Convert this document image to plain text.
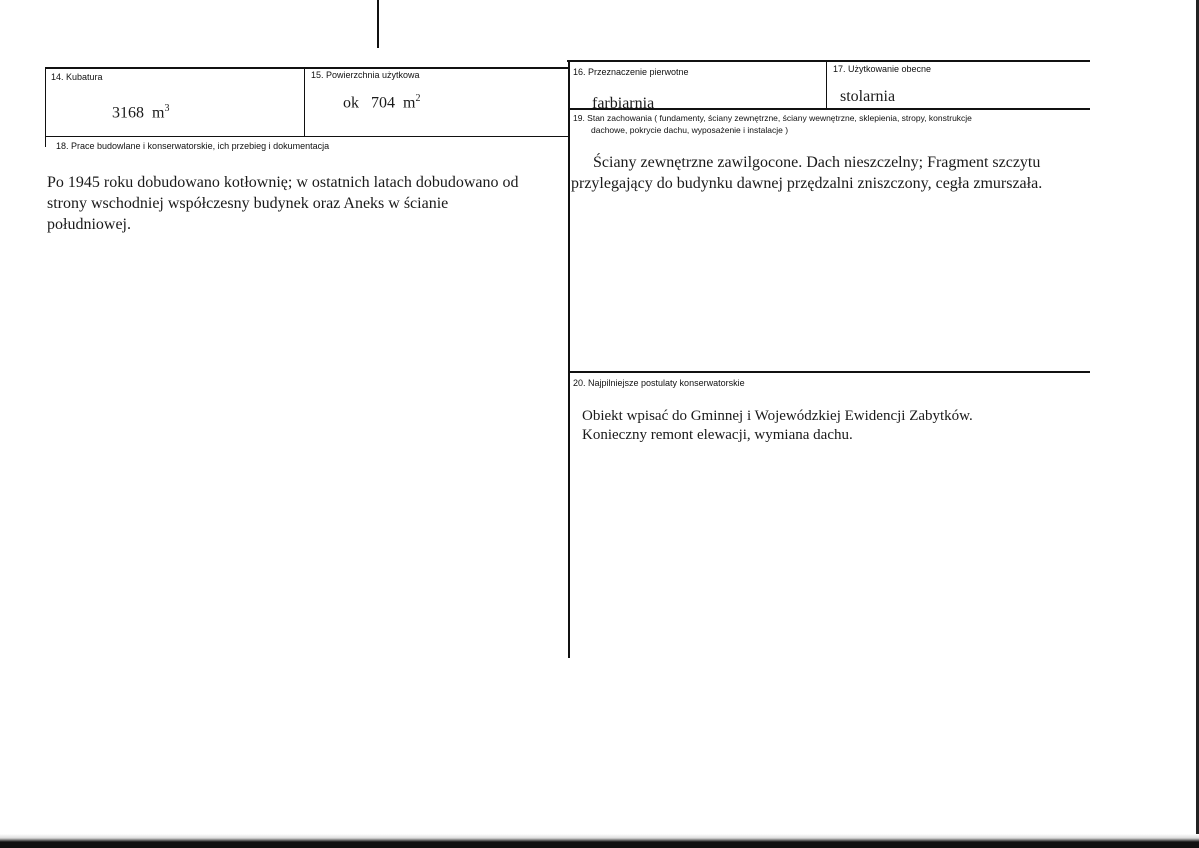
14. Kubatura
3168 $m^3$
15. Powierzchnia użytkowa
ok 704 $m^2$
16. Przeznaczenie pierwotne
farbiarnia
17. Użytkowanie obecne
stolarnia
18. Prace budowlane i konserwatorskie, ich przebieg i dokumentacja
Po 1945 roku dobudowano kotłownię; w ostatnich latach dobudowano od
strony wschodniej współczesny budynek oraz Aneks w ścianie
południowej.
19. Stan zachowania ( fundamenty, ściany zewnętrzne, ściany wewnętrzne, sklepienia, stropy, konstrukcje
dachowe, pokrycie dachu, wyposażenie i instalacje )
Ściany zewnętrzne zawilgocone. Dach nieszczelny; Fragment szczytu
przylegający do budynku dawnej przędzalni zniszczony, cegła zmurszała.
20. Najpilniejsze postulaty konserwatorskie
Obiekt wpisać do Gminnej i Wojewódzkiej Ewidencji Zabytków.
Konieczny remont elewacji, wymiana dachu.
